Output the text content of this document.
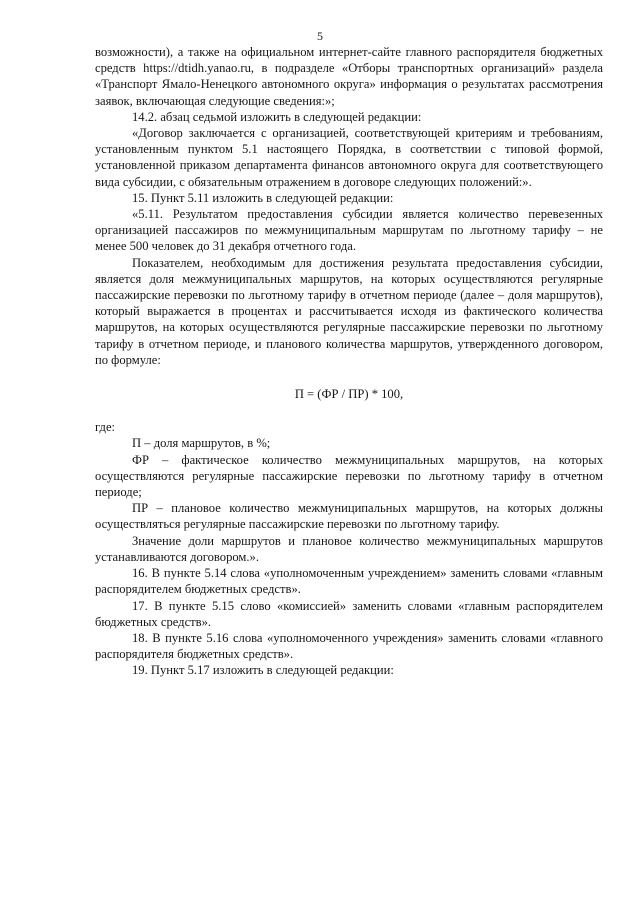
5

возможности), а также на официальном интернет-сайте главного распорядителя бюджетных средств https://dtidh.yanao.ru, в подразделе «Отборы транспортных организаций» раздела «Транспорт Ямало-Ненецкого автономного округа» информация о результатах рассмотрения заявок, включающая следующие сведения:»;

14.2. абзац седьмой изложить в следующей редакции:

«Договор заключается с организацией, соответствующей критериям и требованиям, установленным пунктом 5.1 настоящего Порядка, в соответствии с типовой формой, установленной приказом департамента финансов автономного округа для соответствующего вида субсидии, с обязательным отражением в договоре следующих положений:».

15. Пункт 5.11 изложить в следующей редакции:

«5.11. Результатом предоставления субсидии является количество перевезенных организацией пассажиров по межмуниципальным маршрутам по льготному тарифу – не менее 500 человек до 31 декабря отчетного года.

Показателем, необходимым для достижения результата предоставления субсидии, является доля межмуниципальных маршрутов, на которых осуществляются регулярные пассажирские перевозки по льготному тарифу в отчетном периоде (далее – доля маршрутов), который выражается в процентах и рассчитывается исходя из фактического количества маршрутов, на которых осуществляются регулярные пассажирские перевозки по льготному тарифу в отчетном периоде, и планового количества маршрутов, утвержденного договором, по формуле:

П = (ФР / ПР) * 100,

где:

П – доля маршрутов, в %;

ФР – фактическое количество межмуниципальных маршрутов, на которых осуществляются регулярные пассажирские перевозки по льготному тарифу в отчетном периоде;

ПР – плановое количество межмуниципальных маршрутов, на которых должны осуществляться регулярные пассажирские перевозки по льготному тарифу.

Значение доли маршрутов и плановое количество межмуниципальных маршрутов устанавливаются договором.».

16. В пункте 5.14 слова «уполномоченным учреждением» заменить словами «главным распорядителем бюджетных средств».

17. В пункте 5.15 слово «комиссией» заменить словами «главным распорядителем бюджетных средств».

18. В пункте 5.16 слова «уполномоченного учреждения» заменить словами «главного распорядителя бюджетных средств».

19. Пункт 5.17 изложить в следующей редакции:
